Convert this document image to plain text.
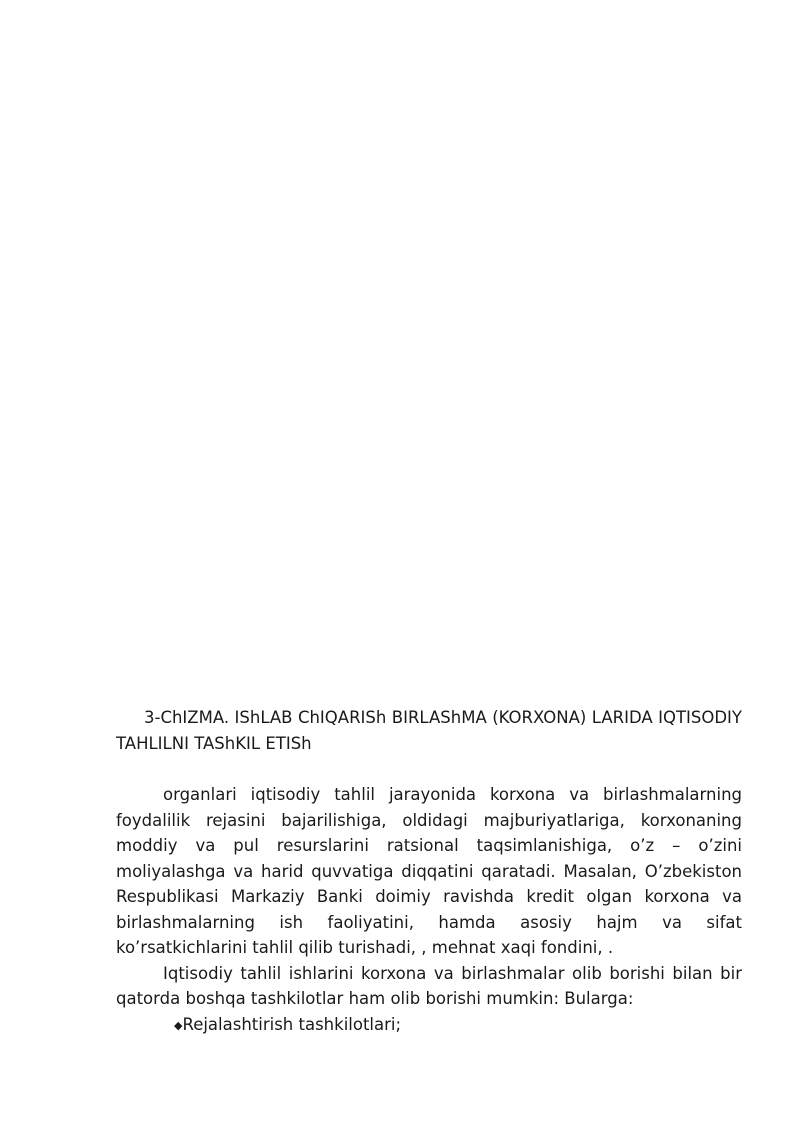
3-ChIZMA. IShLAB ChIQARISh BIRLAShMA (KORXONA) LARIDA IQTISODIY TAHLILNI TAShKIL ETISh

organlari iqtisodiy tahlil jarayonida korxona va birlashmalarning foydalilik rejasini bajarilishiga, oldidagi majburiyatlariga, korxonaning moddiy va pul resurslarini ratsional taqsimlanishiga, o’z – o’zini moliyalashga va harid quvvatiga diqqatini qaratadi. Masalan, O’zbekiston Respublikasi Markaziy Banki doimiy ravishda kredit olgan korxona va birlashmalarning ish faoliyatini, hamda asosiy hajm va sifat ko’rsatkichlarini tahlil qilib turishadi, , mehnat xaqi fondini, .

Iqtisodiy tahlil ishlarini korxona va birlashmalar olib borishi bilan bir qatorda boshqa tashkilotlar ham olib borishi mumkin: Bularga:

◆Rejalashtirish tashkilotlari;
